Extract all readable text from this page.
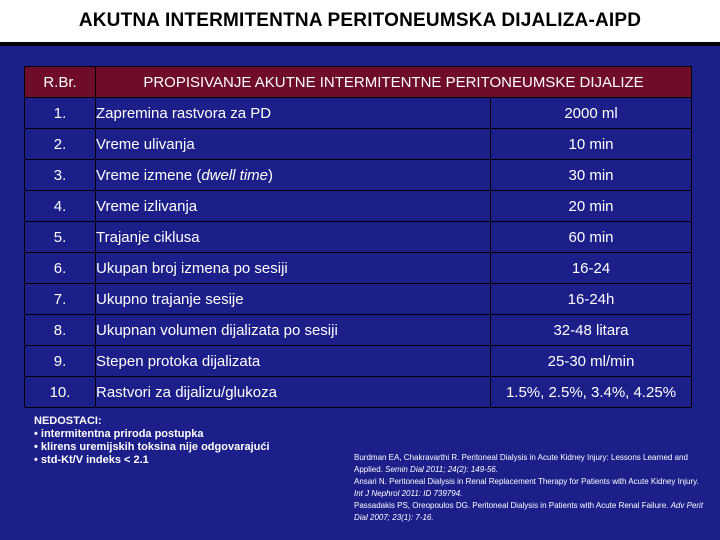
AKUTNA INTERMITENTNA PERITONEUMSKA DIJALIZA-AIPD
R.Br.	PROPISIVANJE AKUTNE INTERMITENTNE PERITONEUMSKE DIJALIZE	
1.	Zapremina rastvora za PD	2000 ml
2.	Vreme ulivanja	10 min
3.	Vreme izmene (dwell time)	30 min
4.	Vreme izlivanja	20 min
5.	Trajanje ciklusa	60 min
6.	Ukupan broj izmena po sesiji	16-24
7.	Ukupno trajanje sesije	16-24h
8.	Ukupnan volumen dijalizata po sesiji	32-48 litara
9.	Stepen protoka dijalizata	25-30 ml/min
10.	Rastvori za dijalizu/glukoza	1.5%, 2.5%, 3.4%, 4.25%
NEDOSTACI:
• intermitentna priroda postupka
• klirens uremijskih toksina nije odgovarajući
• std-Kt/V indeks < 2.1	Burdman EA, Chakravarthi R. Peritoneal Dialysis in Acute Kidney Injury: Lessons Learned and Applied. Semin Dial 2011; 24(2): 149-56.

Ansari N. Peritoneal Dialysis in Renal Replacement Therapy for Patients with Acute Kidney Injury. Int J Nephrol 2011: ID 739794.

Passadakis PS, Oreopoulos DG. Peritoneal Dialysis in Patients with Acute Renal Failure. Adv Perit Dial 2007; 23(1): 7-16.
